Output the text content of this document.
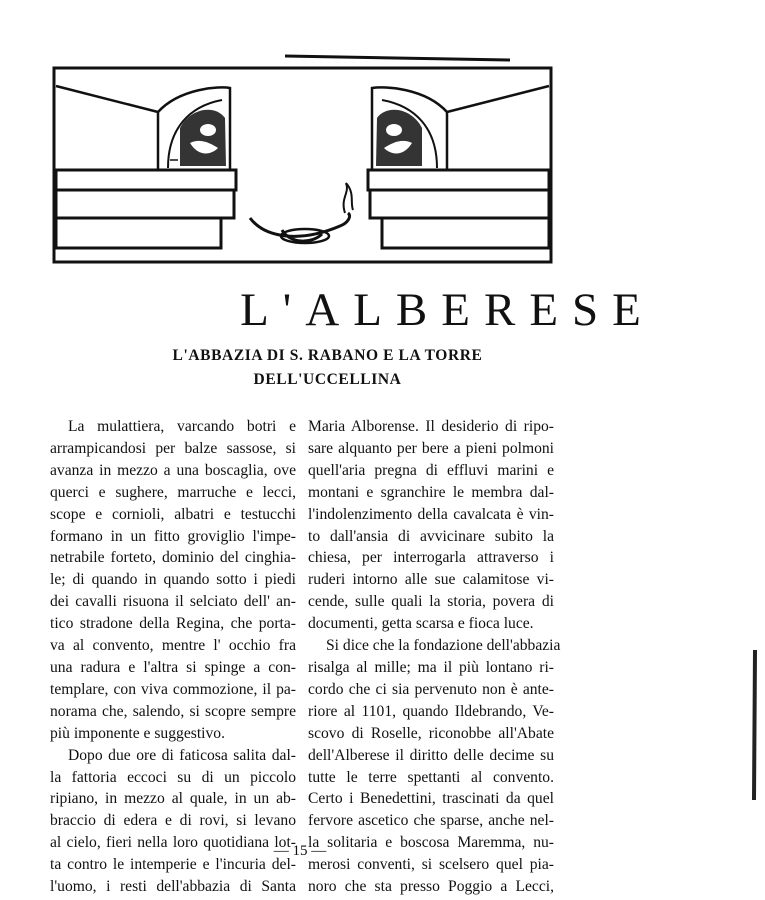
L'ALBERESE
L'ABBAZIA DI S. RABANO E LA TORRE
DELL'UCCELLINA
La mulattiera, varcando botri e
arrampicandosi per balze sassose, si
avanza in mezzo a una boscaglia, ove
querci e sughere, marruche e lecci,
scope e cornioli, albatri e testucchi
formano in un fitto groviglio l'impe-
netrabile forteto, dominio del cinghia-
le; di quando in quando sotto i piedi
dei cavalli risuona il selciato dell' an-
tico stradone della Regina, che porta-
va al convento, mentre l' occhio fra
una radura e l'altra si spinge a con-
templare, con viva commozione, il pa-
norama che, salendo, si scopre sempre
più imponente e suggestivo.
Dopo due ore di faticosa salita dal-
la fattoria eccoci su di un piccolo
ripiano, in mezzo al quale, in un ab-
braccio di edera e di rovi, si levano
al cielo, fieri nella loro quotidiana lot-
ta contro le intemperie e l'incuria del-
l'uomo, i resti dell'abbazia di Santa
Maria Alborense. Il desiderio di ripo-
sare alquanto per bere a pieni polmoni
quell'aria pregna di effluvi marini e
montani e sgranchire le membra dal-
l'indolenzimento della cavalcata è vin-
to dall'ansia di avvicinare subito la
chiesa, per interrogarla attraverso i
ruderi intorno alle sue calamitose vi-
cende, sulle quali la storia, povera di
documenti, getta scarsa e fioca luce.
Si dice che la fondazione dell'abbazia
risalga al mille; ma il più lontano ri-
cordo che ci sia pervenuto non è ante-
riore al 1101, quando Ildebrando, Ve-
scovo di Roselle, riconobbe all'Abate
dell'Alberese il diritto delle decime su
tutte le terre spettanti al convento.
Certo i Benedettini, trascinati da quel
fervore ascetico che sparse, anche nel-
la solitaria e boscosa Maremma, nu-
merosi conventi, si scelsero quel pia-
noro che sta presso Poggio a Lecci,
— 15 —
